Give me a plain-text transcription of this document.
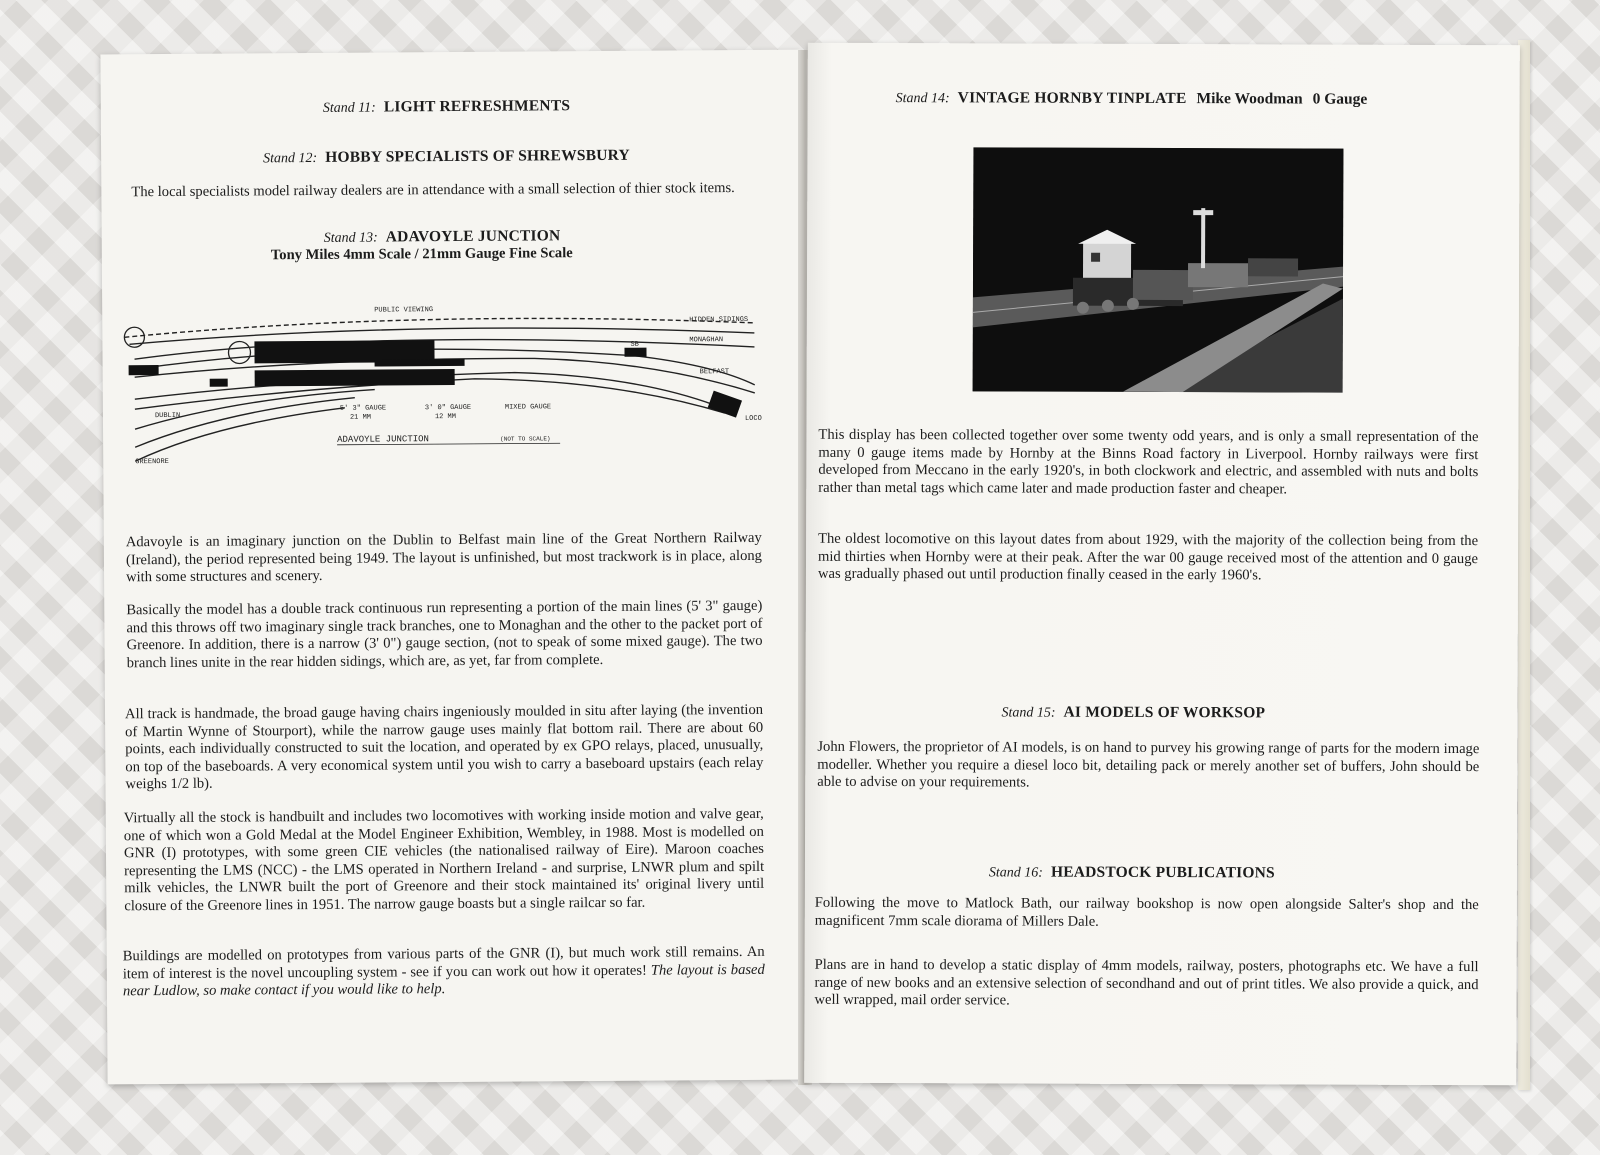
Stand 11: LIGHT REFRESHMENTS
Stand 12: HOBBY SPECIALISTS OF SHREWSBURY

The local specialists model railway dealers are in attendance with a small selection of thier stock items.

Stand 13: ADAVOYLE JUNCTION
Tony Miles 4mm Scale / 21mm Gauge Fine Scale
PUBLIC VIEWING
HIDDEN SIDINGS
MONAGHAN
BELFAST
DUBLIN
GREENORE
LOCO
SB
5' 3" GAUGE
21 MM
3' 0" GAUGE
12 MM
MIXED GAUGE
ADAVOYLE JUNCTION	(NOT TO SCALE)

Adavoyle is an imaginary junction on the Dublin to Belfast main line of the Great Northern Railway (Ireland), the period represented being 1949. The layout is unfinished, but most trackwork is in place, along with some structures and scenery.

Basically the model has a double track continuous run representing a portion of the main lines (5' 3" gauge) and this throws off two imaginary single track branches, one to Monaghan and the other to the packet port of Greenore. In addition, there is a narrow (3' 0") gauge section, (not to speak of some mixed gauge). The two branch lines unite in the rear hidden sidings, which are, as yet, far from complete.

All track is handmade, the broad gauge having chairs ingeniously moulded in situ after laying (the invention of Martin Wynne of Stourport), while the narrow gauge uses mainly flat bottom rail. There are about 60 points, each individually constructed to suit the location, and operated by ex GPO relays, placed, unusually, on top of the baseboards. A very economical system until you wish to carry a baseboard upstairs (each relay weighs 1/2 lb).

Virtually all the stock is handbuilt and includes two locomotives with working inside motion and valve gear, one of which won a Gold Medal at the Model Engineer Exhibition, Wembley, in 1988. Most is modelled on GNR (I) prototypes, with some green CIE vehicles (the nationalised railway of Eire). Maroon coaches representing the LMS (NCC) - the LMS operated in Northern Ireland - and surprise, LNWR plum and spilt milk vehicles, the LNWR built the port of Greenore and their stock maintained its' original livery until closure of the Greenore lines in 1951. The narrow gauge boasts but a single railcar so far.

Buildings are modelled on prototypes from various parts of the GNR (I), but much work still remains. An item of interest is the novel uncoupling system - see if you can work out how it operates! The layout is based near Ludlow, so make contact if you would like to help.

Stand 14: VINTAGE HORNBY TINPLATE Mike Woodman 0 Gauge

This display has been collected together over some twenty odd years, and is only a small representation of the many 0 gauge items made by Hornby at the Binns Road factory in Liverpool. Hornby railways were first developed from Meccano in the early 1920's, in both clockwork and electric, and assembled with nuts and bolts rather than metal tags which came later and made production faster and cheaper.

The oldest locomotive on this layout dates from about 1929, with the majority of the collection being from the mid thirties when Hornby were at their peak. After the war 00 gauge received most of the attention and 0 gauge was gradually phased out until production finally ceased in the early 1960's.

Stand 15: AI MODELS OF WORKSOP

John Flowers, the proprietor of AI models, is on hand to purvey his growing range of parts for the modern image modeller. Whether you require a diesel loco bit, detailing pack or merely another set of buffers, John should be able to advise on your requirements.

Stand 16: HEADSTOCK PUBLICATIONS

Following the move to Matlock Bath, our railway bookshop is now open alongside Salter's shop and the magnificent 7mm scale diorama of Millers Dale.

Plans are in hand to develop a static display of 4mm models, railway, posters, photographs etc. We have a full range of new books and an extensive selection of secondhand and out of print titles. We also provide a quick, and well wrapped, mail order service.
